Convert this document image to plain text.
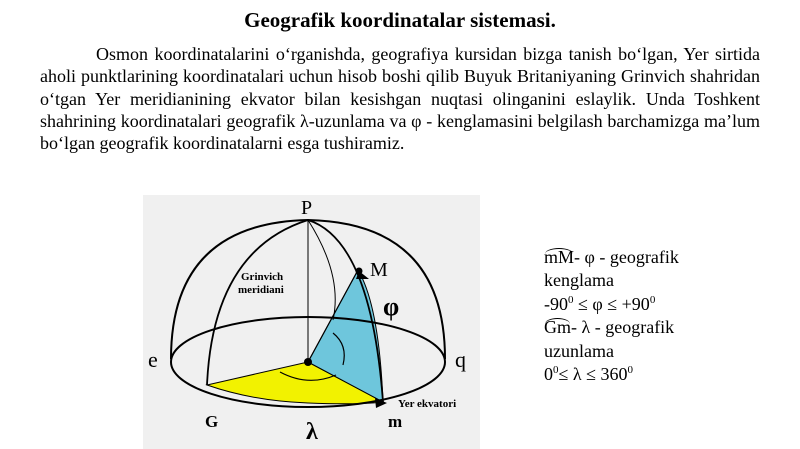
Geografik koordinatalar sistemasi.
Osmon koordinatalarini o‘rganishda, geografiya kursidan bizga tanish bo‘lgan, Yer sirtida aholi punktlarining koordinatalari uchun hisob boshi qilib Buyuk Britaniyaning Grinvich shahridan o‘tgan Yer meridianining ekvator bilan kesishgan nuqtasi olinganini eslaylik. Unda Toshkent shahrining koordinatalari geografik λ-uzunlama va φ - kenglamasini belgilash barchamizga ma’lum bo‘lgan geografik koordinatalarni esga tushiramiz.
P
M
φ
e	q
G	λ	m
Grinvich
meridiani
Yer ekvatori
mM- φ - geografik
kenglama
$-90^0 \le \varphi \le +90^0$
Gm- λ - geografik
uzunlama
$0^0\le \lambda \le 360^0$
